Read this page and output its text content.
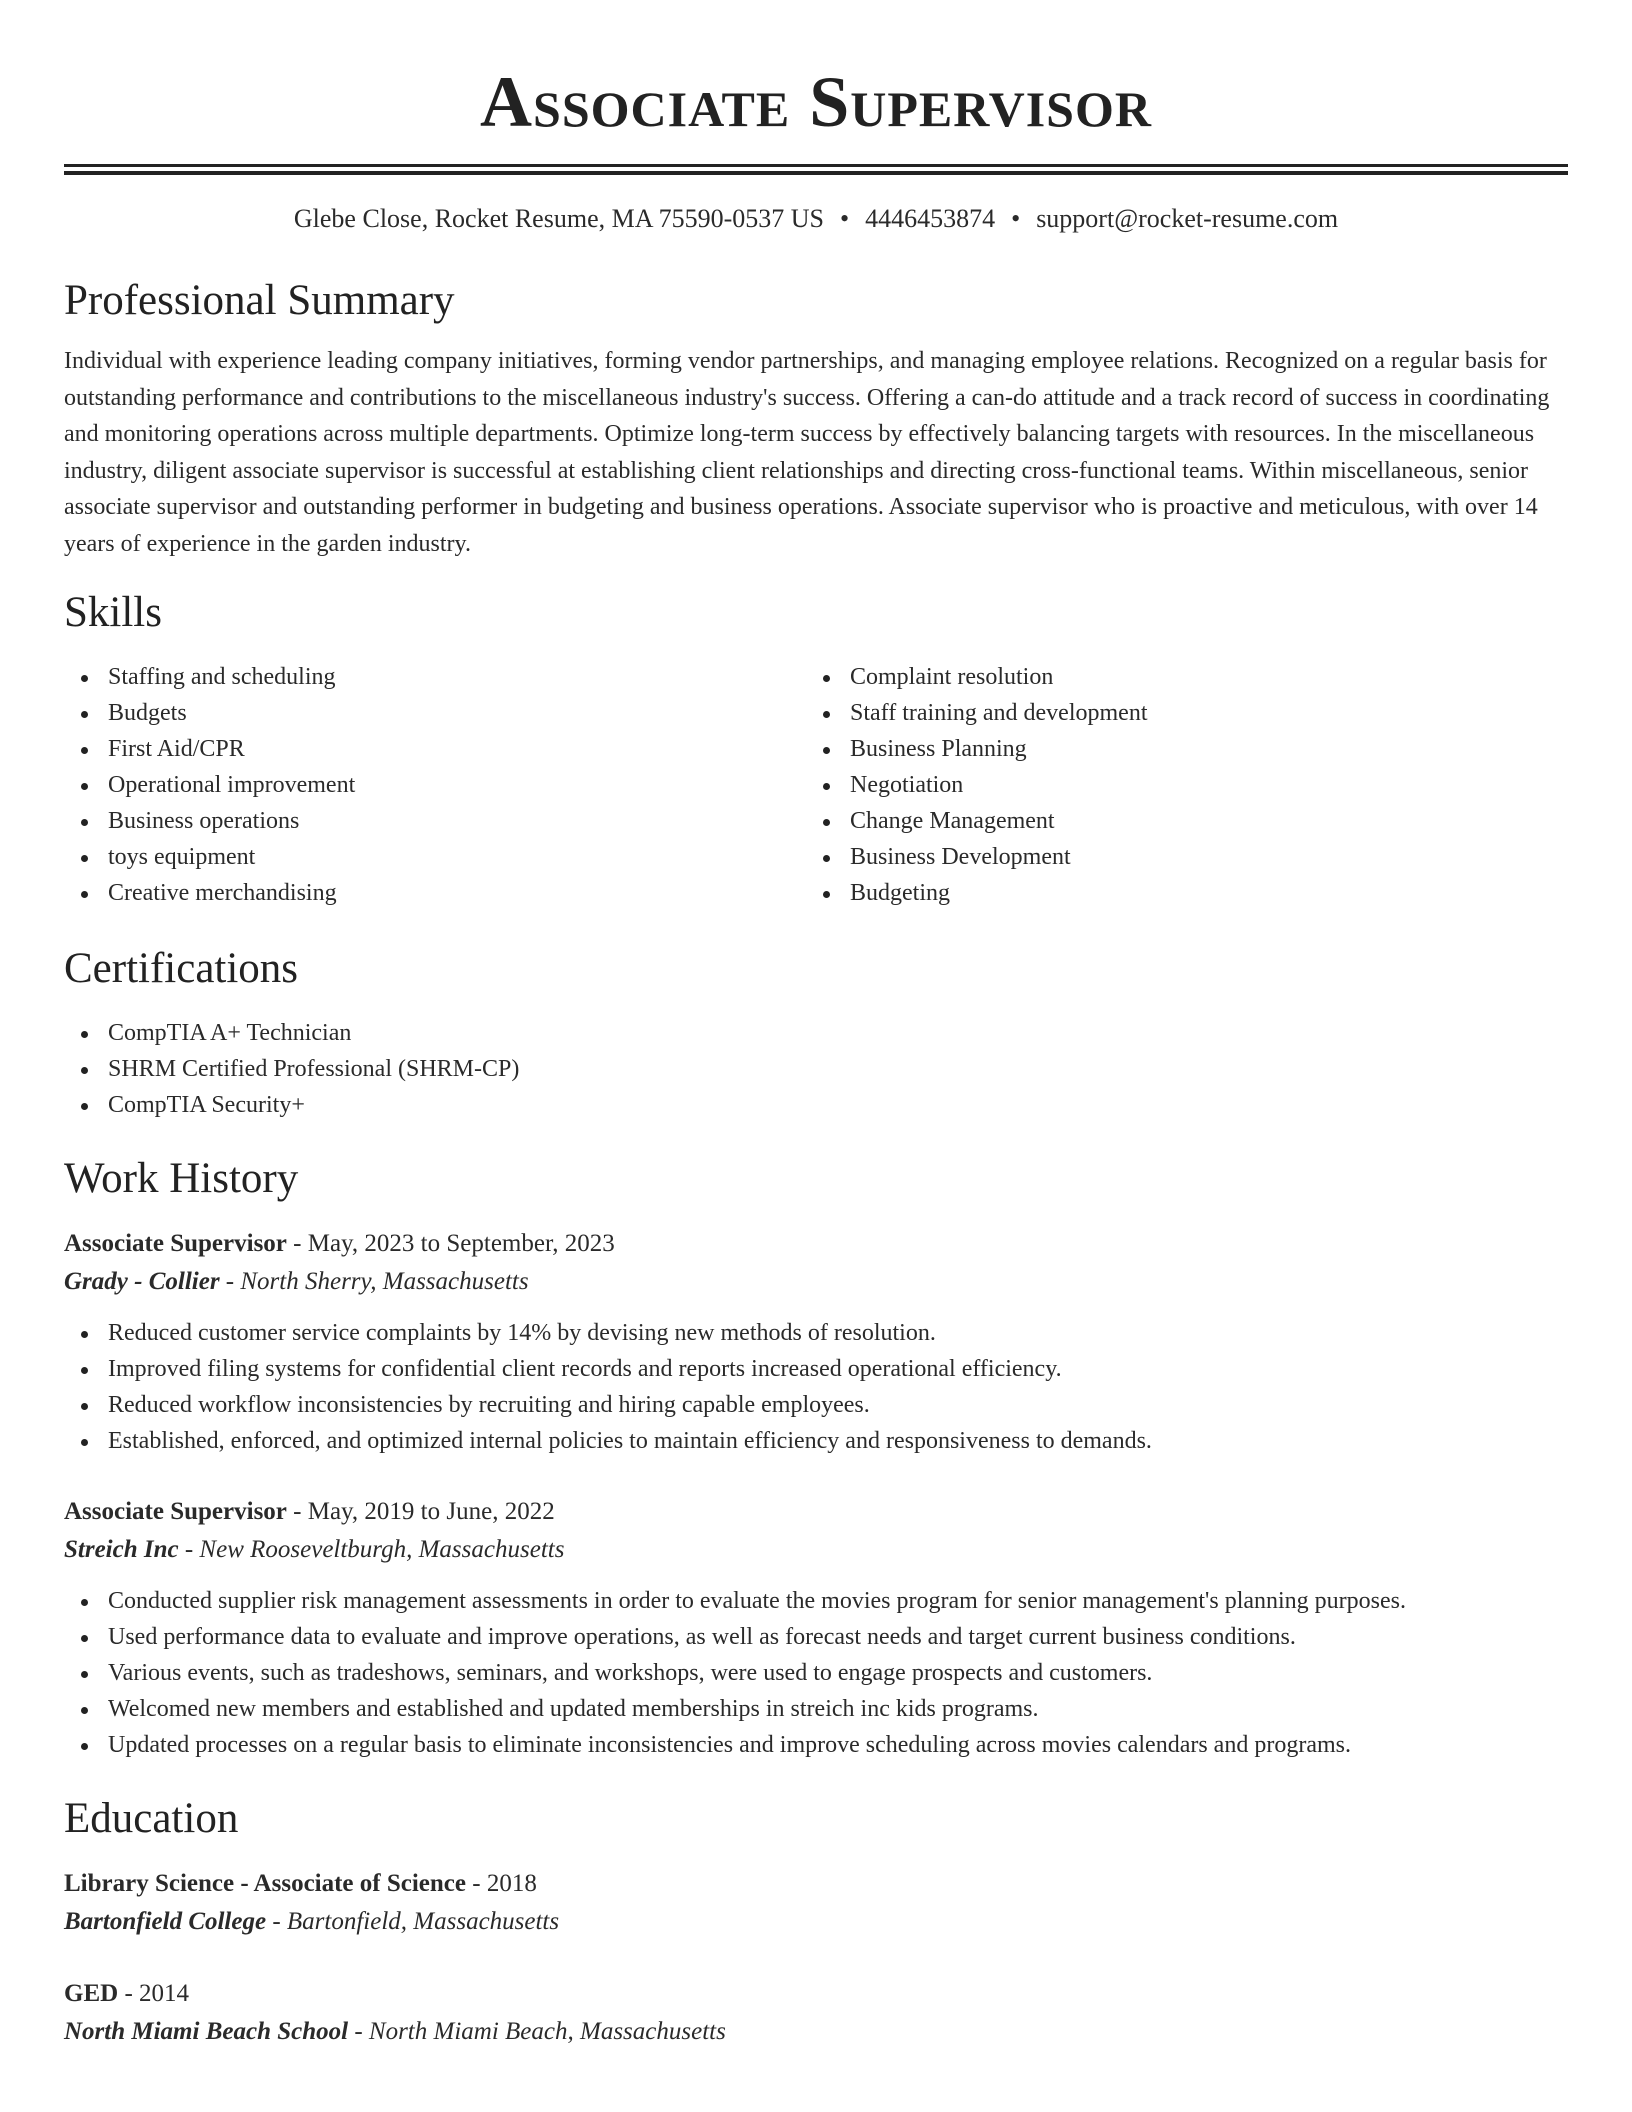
Associate Supervisor
Glebe Close, Rocket Resume, MA 75590-0537 US • 4446453874 • support@rocket-resume.com
Professional Summary

Individual with experience leading company initiatives, forming vendor partnerships, and managing employee relations. Recognized on a regular basis for outstanding performance and contributions to the miscellaneous industry's success. Offering a can-do attitude and a track record of success in coordinating and monitoring operations across multiple departments. Optimize long-term success by effectively balancing targets with resources. In the miscellaneous industry, diligent associate supervisor is successful at establishing client relationships and directing cross-functional teams. Within miscellaneous, senior associate supervisor and outstanding performer in budgeting and business operations. Associate supervisor who is proactive and meticulous, with over 14 years of experience in the garden industry.

Skills
Staffing and scheduling
Budgets
First Aid/CPR
Operational improvement
Business operations
toys equipment
Creative merchandising
Complaint resolution
Staff training and development
Business Planning
Negotiation
Change Management
Business Development
Budgeting
Certifications
CompTIA A+ Technician
SHRM Certified Professional (SHRM-CP)
CompTIA Security+
Work History
Associate Supervisor - May, 2023 to September, 2023
Grady - Collier - North Sherry, Massachusetts
Reduced customer service complaints by 14% by devising new methods of resolution.
Improved filing systems for confidential client records and reports increased operational efficiency.
Reduced workflow inconsistencies by recruiting and hiring capable employees.
Established, enforced, and optimized internal policies to maintain efficiency and responsiveness to demands.
Associate Supervisor - May, 2019 to June, 2022
Streich Inc - New Rooseveltburgh, Massachusetts
Conducted supplier risk management assessments in order to evaluate the movies program for senior management's planning purposes.
Used performance data to evaluate and improve operations, as well as forecast needs and target current business conditions.
Various events, such as tradeshows, seminars, and workshops, were used to engage prospects and customers.
Welcomed new members and established and updated memberships in streich inc kids programs.
Updated processes on a regular basis to eliminate inconsistencies and improve scheduling across movies calendars and programs.
Education
Library Science - Associate of Science - 2018
Bartonfield College - Bartonfield, Massachusetts
GED - 2014
North Miami Beach School - North Miami Beach, Massachusetts
